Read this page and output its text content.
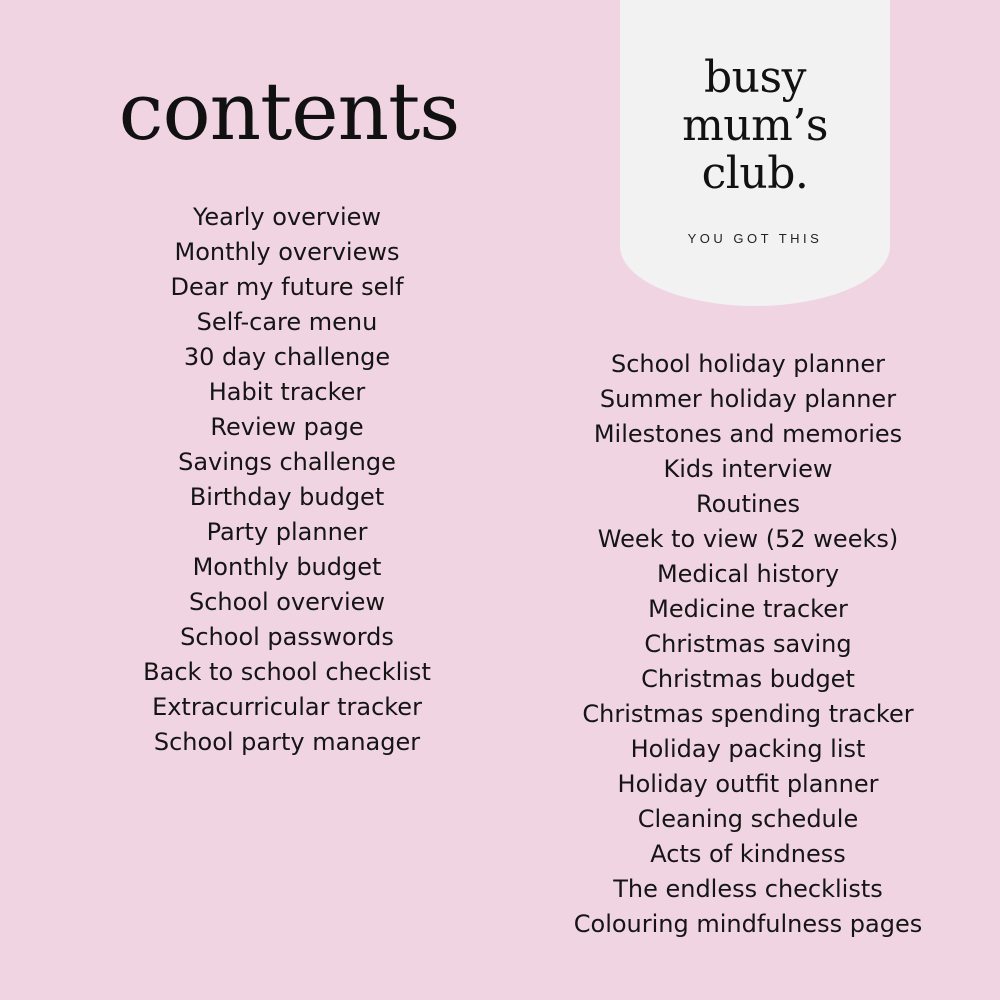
contents	busy
mum’s
club.
YOU GOT THIS
Yearly overview
Monthly overviews
Dear my future self
Self-care menu
30 day challenge
Habit tracker
Review page
Savings challenge
Birthday budget
Party planner
Monthly budget
School overview
School passwords
Back to school checklist
Extracurricular tracker
School party manager
School holiday planner
Summer holiday planner
Milestones and memories
Kids interview
Routines
Week to view (52 weeks)
Medical history
Medicine tracker
Christmas saving
Christmas budget
Christmas spending tracker
Holiday packing list
Holiday outfit planner
Cleaning schedule
Acts of kindness
The endless checklists
Colouring mindfulness pages
